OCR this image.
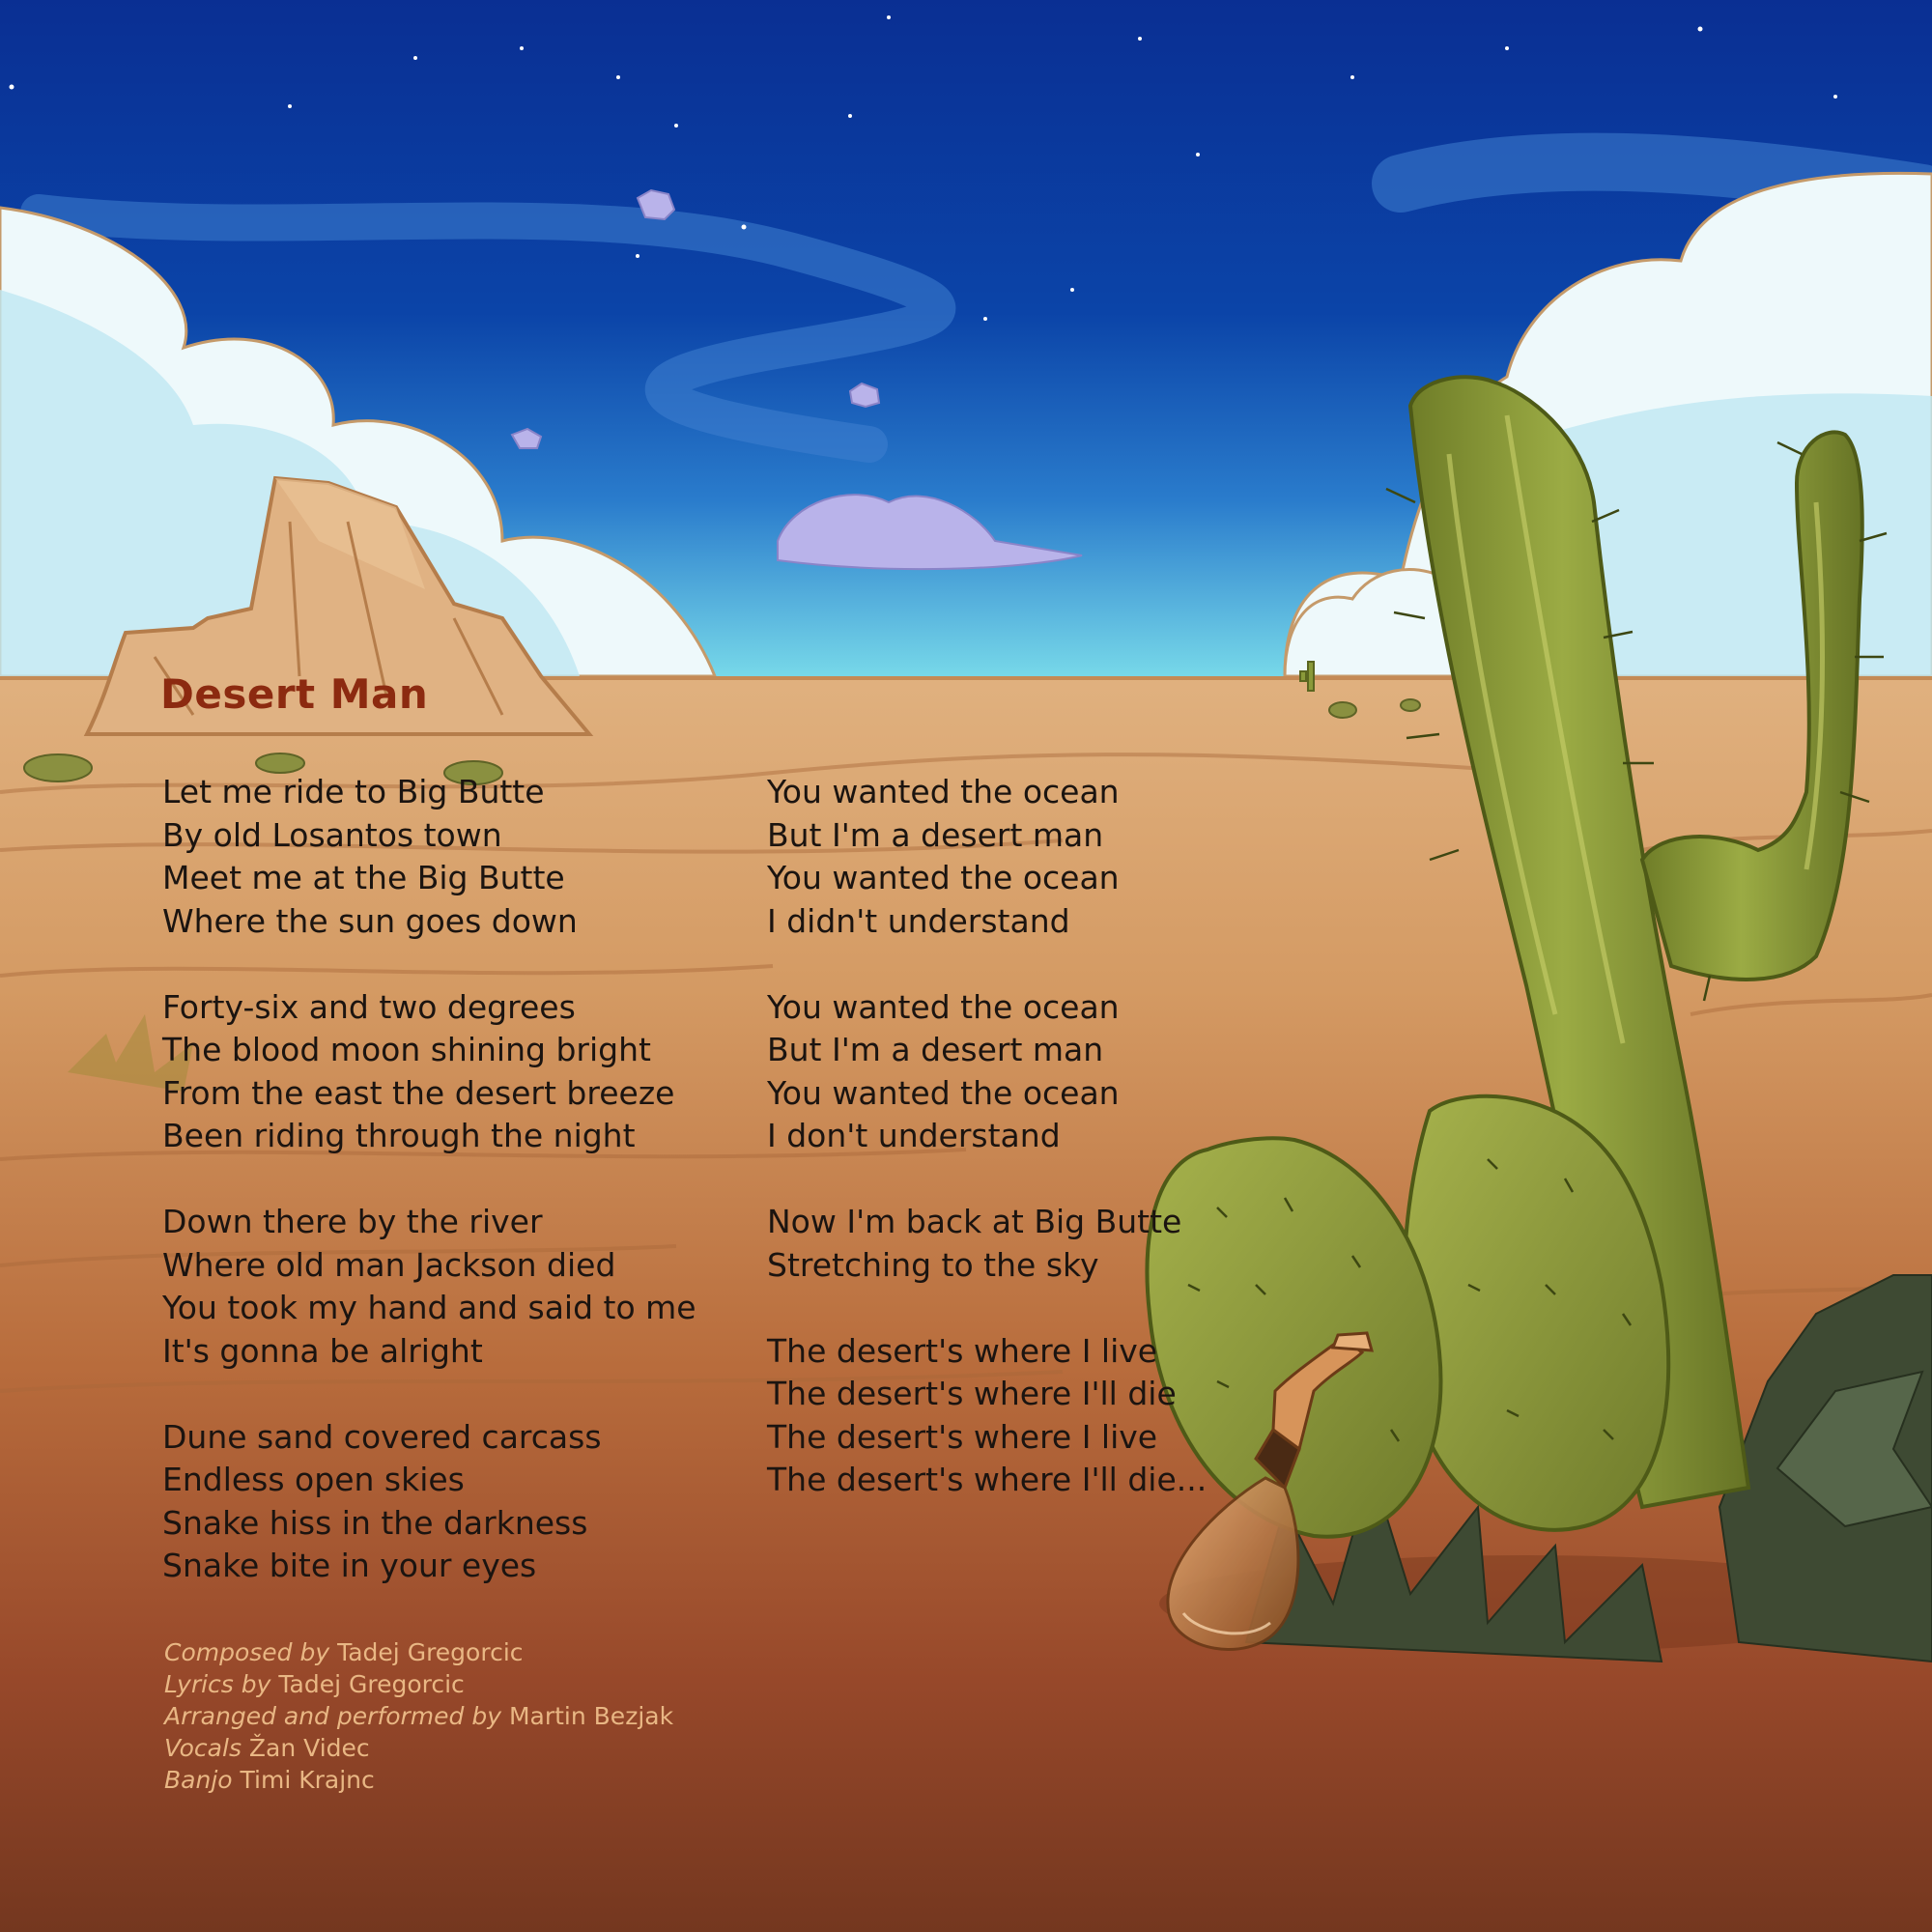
Desert Man
Let me ride to Big Butte
By old Losantos town
Meet me at the Big Butte
Where the sun goes down
Forty-six and two degrees
The blood moon shining bright
From the east the desert breeze
Been riding through the night
Down there by the river
Where old man Jackson died
You took my hand and said to me
It's gonna be alright
Dune sand covered carcass
Endless open skies
Snake hiss in the darkness
Snake bite in your eyes
You wanted the ocean
But I'm a desert man
You wanted the ocean
I didn't understand
You wanted the ocean
But I'm a desert man
You wanted the ocean
I don't understand
Now I'm back at Big Butte
Stretching to the sky
The desert's where I live
The desert's where I'll die
The desert's where I live
The desert's where I'll die...
Composed by Tadej Gregorcic
Lyrics by Tadej Gregorcic
Arranged and performed by Martin Bezjak
Vocals Žan Videc
Banjo Timi Krajnc
